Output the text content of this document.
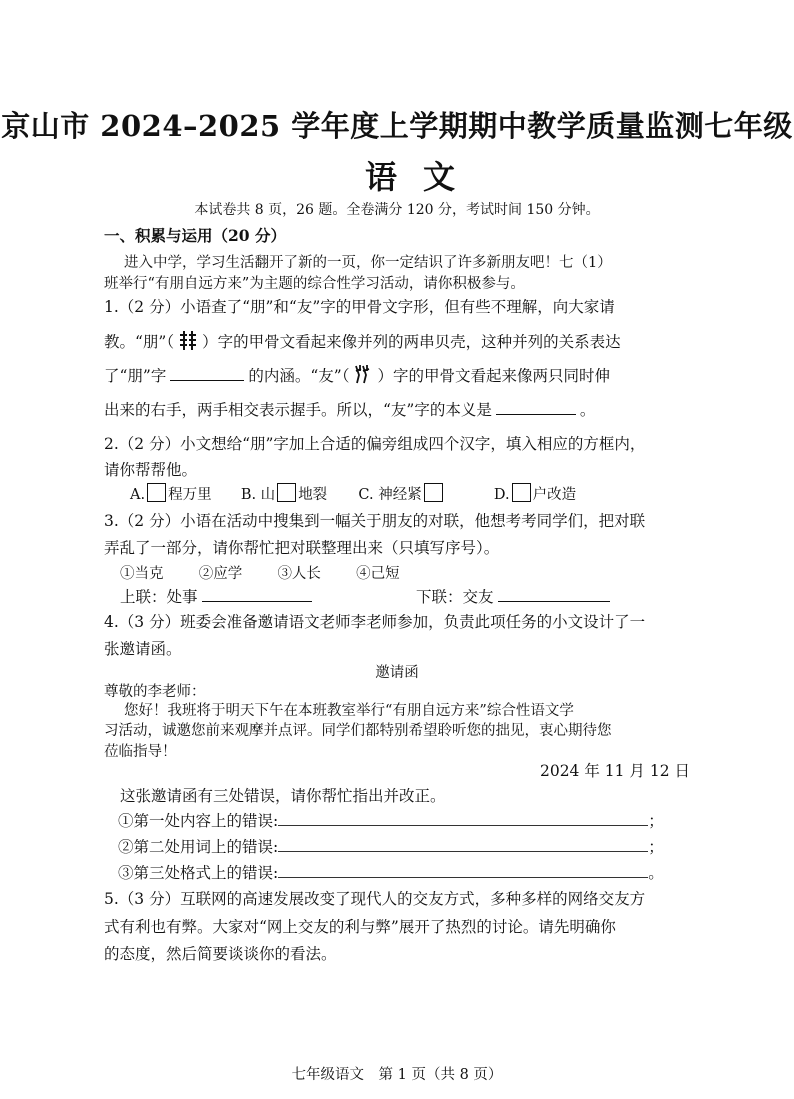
京山市 2024–2025 学年度上学期期中教学质量监测七年级
语文
本试卷共 8 页，26 题。全卷满分 120 分，考试时间 150 分钟。
一、积累与运用（20 分）
进入中学，学习生活翻开了新的一页，你一定结识了许多新朋友吧！七（1）
班举行“有朋自远方来”为主题的综合性学习活动，请你积极参与。
1.（2 分）小语查了“朋”和“友”字的甲骨文字形，但有些不理解，向大家请
教。“朋”（ ）字的甲骨文看起来像并列的两串贝壳，这种并列的关系表达
了“朋”字	的内涵。“友”（ ）字的甲骨文看起来像两只同时伸
出来的右手，两手相交表示握手。所以，“友”字的本义是	。
2.（2 分）小文想给“朋”字加上合适的偏旁组成四个汉字，填入相应的方框内，
请你帮帮他。
A. 程万里 B. 山 地裂 C. 神经紧	D. 户改造
3.（2 分）小语在活动中搜集到一幅关于朋友的对联，他想考考同学们，把对联
弄乱了一部分，请你帮忙把对联整理出来（只填写序号）。
①当克 ②应学 ③人长 ④己短
上联：处事	下联：交友
4.（3 分）班委会准备邀请语文老师李老师参加，负责此项任务的小文设计了一
张邀请函。
邀请函
尊敬的李老师：
您好！我班将于明天下午在本班教室举行“有朋自远方来”综合性语文学
习活动，诚邀您前来观摩并点评。同学们都特别希望聆听您的拙见，衷心期待您
莅临指导！
2024 年 11 月 12 日
这张邀请函有三处错误，请你帮忙指出并改正。
①第一处内容上的错误:	；
②第二处用词上的错误:	；
③第三处格式上的错误:	。
5.（3 分）互联网的高速发展改变了现代人的交友方式，多种多样的网络交友方
式有利也有弊。大家对“网上交友的利与弊”展开了热烈的讨论。请先明确你
的态度，然后简要谈谈你的看法。
七年级语文　第 1 页（共 8 页）
